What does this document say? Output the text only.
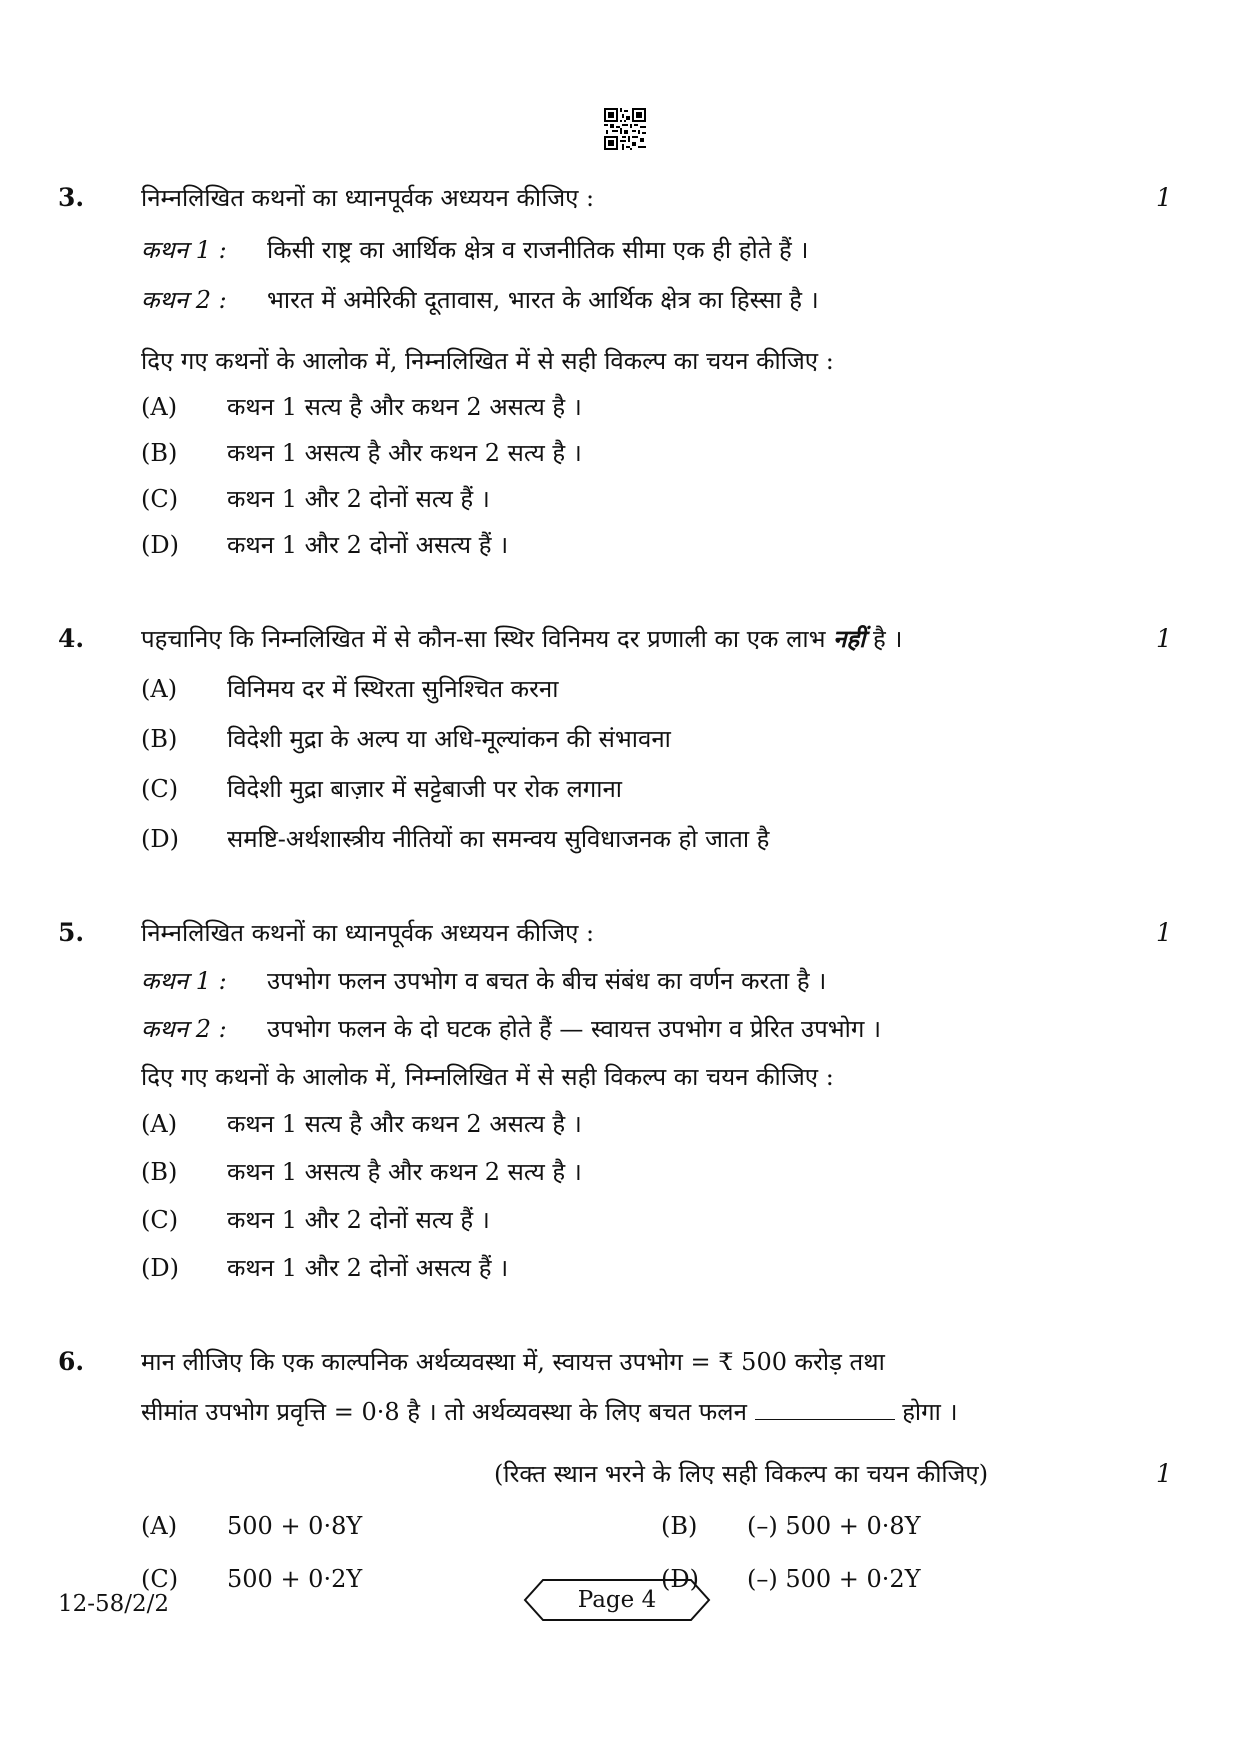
3. निम्नलिखित कथनों का ध्यानपूर्वक अध्ययन कीजिए :	1
कथन 1 : किसी राष्ट्र का आर्थिक क्षेत्र व राजनीतिक सीमा एक ही होते हैं ।
कथन 2 : भारत में अमेरिकी दूतावास, भारत के आर्थिक क्षेत्र का हिस्सा है ।
दिए गए कथनों के आलोक में, निम्नलिखित में से सही विकल्प का चयन कीजिए :
(A) कथन 1 सत्य है और कथन 2 असत्य है ।
(B) कथन 1 असत्य है और कथन 2 सत्य है ।
(C) कथन 1 और 2 दोनों सत्य हैं ।
(D) कथन 1 और 2 दोनों असत्य हैं ।
4. पहचानिए कि निम्नलिखित में से कौन-सा स्थिर विनिमय दर प्रणाली का एक लाभ नहीं है ।	1
(A) विनिमय दर में स्थिरता सुनिश्चित करना
(B) विदेशी मुद्रा के अल्प या अधि-मूल्यांकन की संभावना
(C) विदेशी मुद्रा बाज़ार में सट्टेबाजी पर रोक लगाना
(D) समष्टि-अर्थशास्त्रीय नीतियों का समन्वय सुविधाजनक हो जाता है
5. निम्नलिखित कथनों का ध्यानपूर्वक अध्ययन कीजिए :	1
कथन 1 : उपभोग फलन उपभोग व बचत के बीच संबंध का वर्णन करता है ।
कथन 2 : उपभोग फलन के दो घटक होते हैं — स्वायत्त उपभोग व प्रेरित उपभोग ।
दिए गए कथनों के आलोक में, निम्नलिखित में से सही विकल्प का चयन कीजिए :
(A) कथन 1 सत्य है और कथन 2 असत्य है ।
(B) कथन 1 असत्य है और कथन 2 सत्य है ।
(C) कथन 1 और 2 दोनों सत्य हैं ।
(D) कथन 1 और 2 दोनों असत्य हैं ।
6. मान लीजिए कि एक काल्पनिक अर्थव्यवस्था में, स्वायत्त उपभोग = ₹ 500 करोड़ तथा
सीमांत उपभोग प्रवृत्ति = 0·8 है । तो अर्थव्यवस्था के लिए बचत फलन	होगा ।
(रिक्त स्थान भरने के लिए सही विकल्प का चयन कीजिए)	1
(A) 500 + 0·8Y	(B) (–) 500 + 0·8Y
12-58/2/2	Page 4
(C) 500 + 0·2Y	(D) (–) 500 + 0·2Y
